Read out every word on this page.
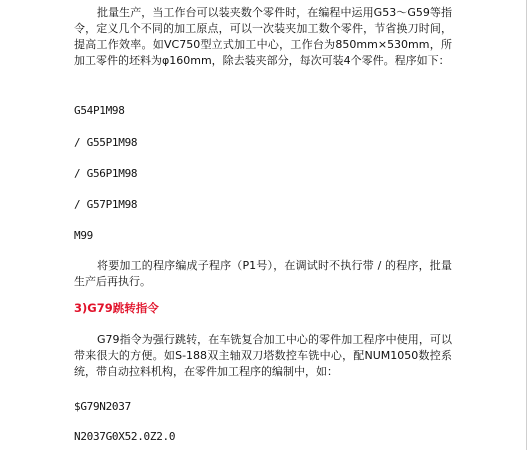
批量生产，当工作台可以装夹数个零件时，在编程中运用G53～G59等指令，定义几个不同的加工原点，可以一次装夹加工数个零件，节省换刀时间，提高工作效率。如VC750型立式加工中心，工作台为850mm×530mm，所加工零件的坯料为φ160mm，除去装夹部分，每次可装4个零件。程序如下：

G54P1M98

/ G55P1M98

/ G56P1M98

/ G57P1M98

M99

将要加工的程序编成子程序（P1号），在调试时不执行带 / 的程序，批量生产后再执行。

3)G79跳转指令

G79指令为强行跳转，在车铣复合加工中心的零件加工程序中使用，可以带来很大的方便。如S-188双主轴双刀塔数控车铣中心，配NUM1050数控系统，带自动拉料机构，在零件加工程序的编制中，如：

$G79N2037

N2037G0X52.0Z2.0
